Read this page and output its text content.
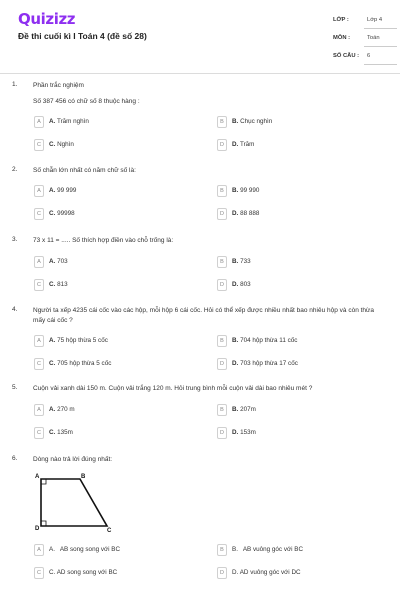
Quizizz
Đề thi cuối kì I Toán 4 (đề số 28)
LỚP :	Lớp 4
MÔN :	Toán
SỐ CÂU : 6
1. Phần trắc nghiệm
Số 387 456 có chữ số 8 thuộc hàng :
A	A. Trăm nghìn	B	B. Chục nghìn
C	C. Nghìn	D	D. Trăm
2. Số chẵn lớn nhất có năm chữ số là:
A	A. 99 999	B	B. 99 990
C	C. 99998	D	D. 88 888
3. 73 x 11 = ..... Số thích hợp điền vào chỗ trống là:
A	A. 703	B	B. 733
C	C. 813	D	D. 803
4. Người ta xếp 4235 cái cốc vào các hộp, mỗi hộp 6 cái cốc. Hỏi có thể xếp được nhiều nhất bao nhiêu hộp và còn thừa mấy cái cốc ?
A	A. 75 hộp thừa 5 cốc	B	B. 704 hộp thừa 11 cốc
C	C. 705 hộp thừa 5 cốc	D	D. 703 hộp thừa 17 cốc
5. Cuộn vải xanh dài 150 m. Cuộn vải trắng 120 m. Hỏi trung bình mỗi cuộn vải dài bao nhiêu mét ?
A	A. 270 m	B	B. 207m
C	C. 135m	D	D. 153m
6. Dòng nào trả lời đúng nhất:
A	B
C
D
A	A. AB song song với BC	B	B. AB vuông góc với BC
C	C. AD song song với BC	D	D. AD vuông góc với DC
